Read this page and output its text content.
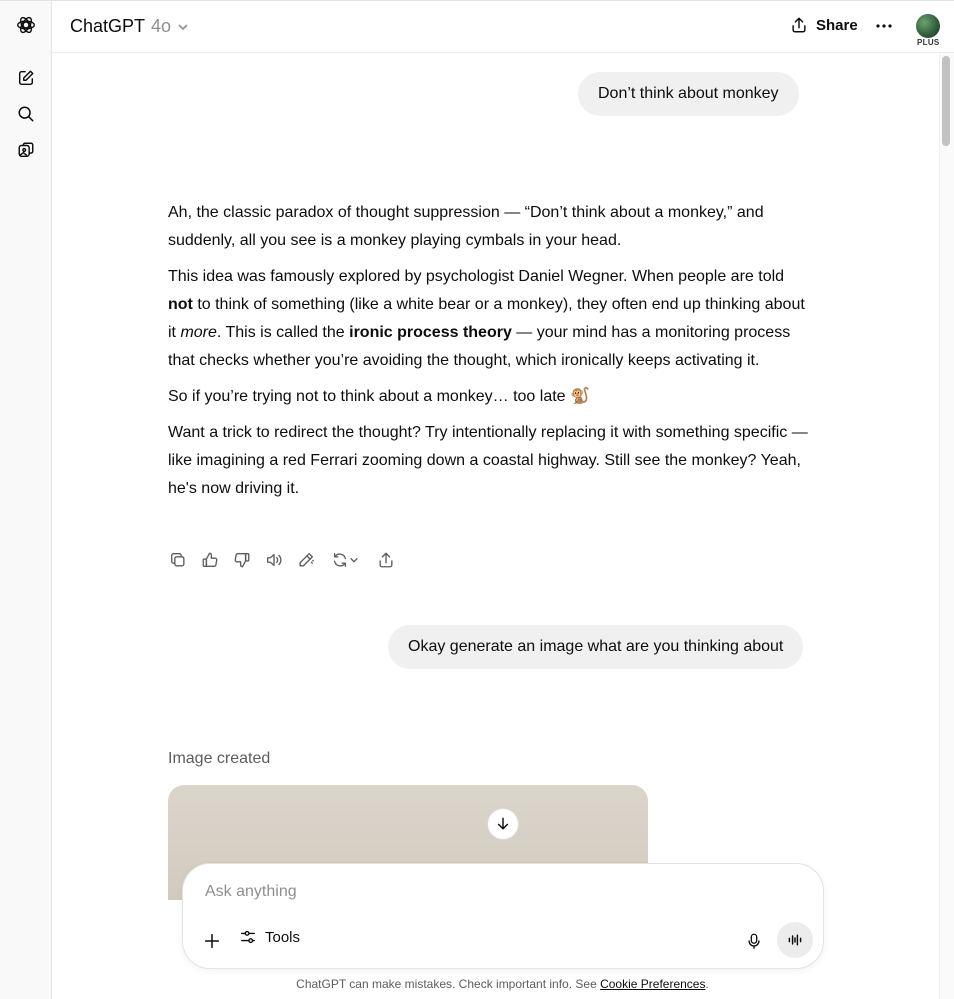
ChatGPT 4o	Share
PLUS
Don’t think about monkey

Ah, the classic paradox of thought suppression — “Don’t think about a monkey,” and suddenly, all you see is a monkey playing cymbals in your head.

This idea was famously explored by psychologist Daniel Wegner. When people are told not to think of something (like a white bear or a monkey), they often end up thinking about it more. This is called the ironic process theory — your mind has a monitoring process that checks whether you’re avoiding the thought, which ironically keeps activating it.

So if you’re trying not to think about a monkey… too late 🐒

Want a trick to redirect the thought? Try intentionally replacing it with something specific — like imagining a red Ferrari zooming down a coastal highway. Still see the monkey? Yeah, he's now driving it.

Okay generate an image what are you thinking about
Image created
Ask anything
Tools
ChatGPT can make mistakes. Check important info. See Cookie Preferences.
